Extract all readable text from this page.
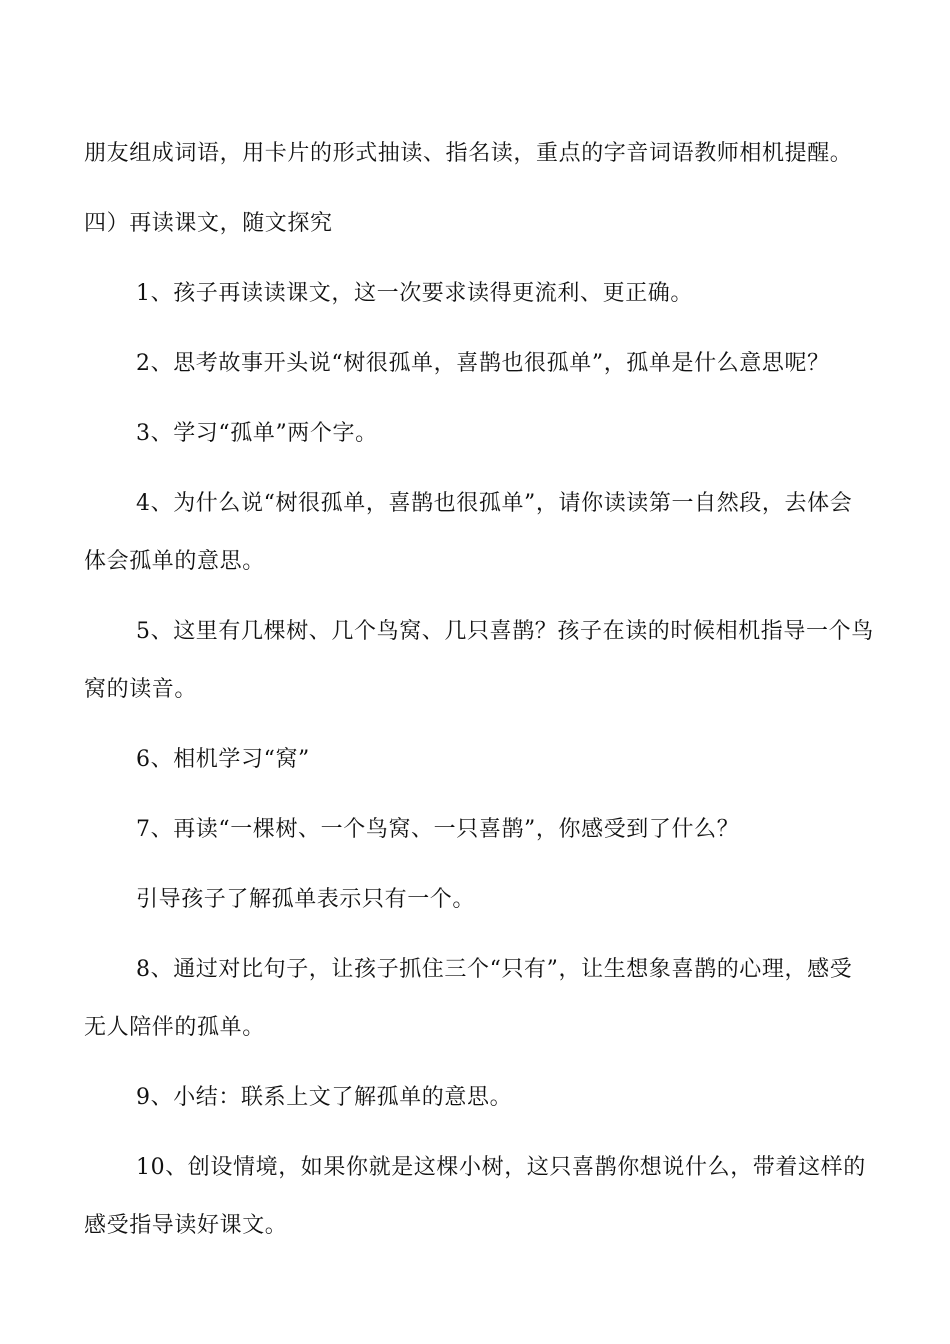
朋友组成词语，用卡片的形式抽读、指名读，重点的字音词语教师相机提醒。
四）再读课文，随文探究
1、孩子再读读课文，这一次要求读得更流利、更正确。
2、思考故事开头说“树很孤单，喜鹊也很孤单”，孤单是什么意思呢？
3、学习“孤单”两个字。
4、为什么说“树很孤单，喜鹊也很孤单”，请你读读第一自然段，去体会
体会孤单的意思。
5、这里有几棵树、几个鸟窝、几只喜鹊？孩子在读的时候相机指导一个鸟
窝的读音。
6、相机学习“窝”
7、再读“一棵树、一个鸟窝、一只喜鹊”，你感受到了什么？
引导孩子了解孤单表示只有一个。
8、通过对比句子，让孩子抓住三个“只有”，让生想象喜鹊的心理，感受
无人陪伴的孤单。
9、小结：联系上文了解孤单的意思。
10、创设情境，如果你就是这棵小树，这只喜鹊你想说什么，带着这样的
感受指导读好课文。
